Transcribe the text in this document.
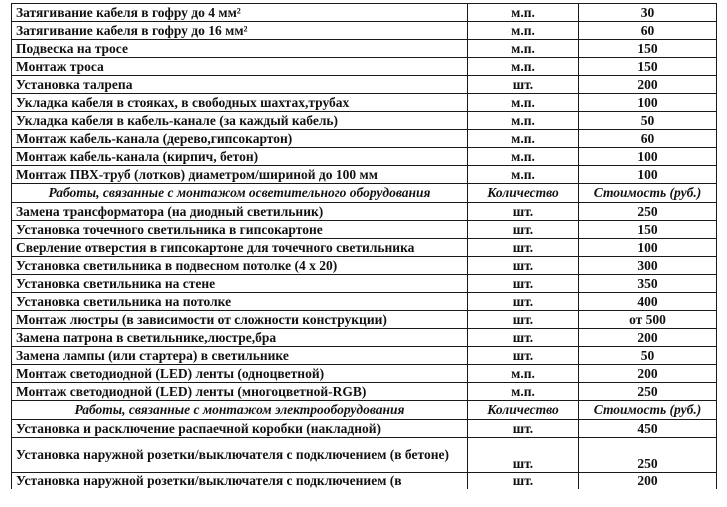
Затягивание кабеля в гофру до 4 мм²	м.п.	30
Затягивание кабеля в гофру до 16 мм²	м.п.	60
Подвеска на тросе	м.п.	150
Монтаж троса	м.п.	150
Установка талрепа	шт.	200
Укладка кабеля в стояках, в свободных шахтах,трубах	м.п.	100
Укладка кабеля в кабель-канале (за каждый кабель)	м.п.	50
Монтаж кабель-канала (дерево,гипсокартон)	м.п.	60
Монтаж кабель-канала (кирпич, бетон)	м.п.	100
Монтаж ПВХ-труб (лотков) диаметром/шириной до 100 мм	м.п.	100
Работы, связанные с монтажом осветительного оборудования	Количество	Стоимость (руб.)
Замена трансформатора (на диодный светильник)	шт.	250
Установка точечного светильника в гипсокартоне	шт.	150
Сверление отверстия в гипсокартоне для точечного светильника	шт.	100
Установка светильника в подвесном потолке (4 х 20)	шт.	300
Установка светильника на стене	шт.	350
Установка светильника на потолке	шт.	400
Монтаж люстры (в зависимости от сложности конструкции)	шт.	от 500
Замена патрона в светильнике,люстре,бра	шт.	200
Замена лампы (или стартера) в светильнике	шт.	50
Монтаж светодиодной (LED) ленты (одноцветной)	м.п.	200
Монтаж светодиодной (LED) ленты (многоцветной-RGB)	м.п.	250
Работы, связанные с монтажом электрооборудования	Количество	Стоимость (руб.)
Установка и расключение распаечной коробки (накладной)	шт.	450
Установка наружной розетки/выключателя с подключением (в бетоне)	шт.	250
Установка наружной розетки/выключателя с подключением (в	шт.	200
